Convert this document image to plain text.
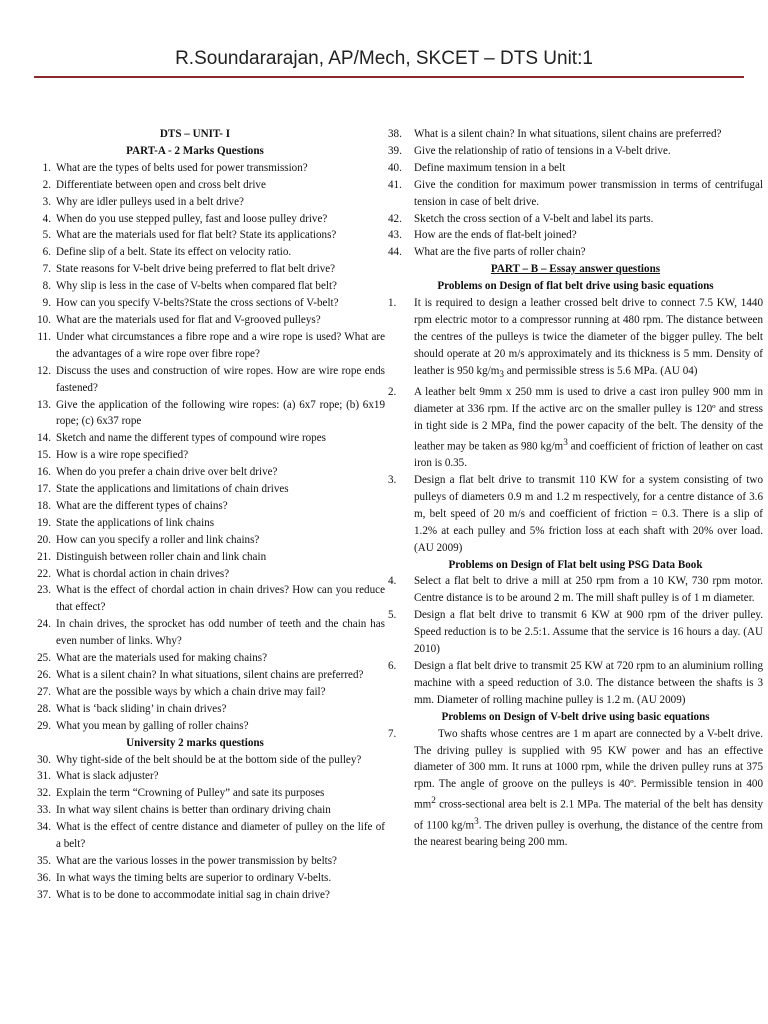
R.Soundararajan, AP/Mech, SKCET – DTS Unit:1
DTS – UNIT- I
PART-A - 2 Marks Questions
1. What are the types of belts used for power transmission?
2. Differentiate between open and cross belt drive
3. Why are idler pulleys used in a belt drive?
4. When do you use stepped pulley, fast and loose pulley drive?
5. What are the materials used for flat belt? State its applications?
6. Define slip of a belt. State its effect on velocity ratio.
7. State reasons for V-belt drive being preferred to flat belt drive?
8. Why slip is less in the case of V-belts when compared flat belt?
9. How can you specify V-belts?State the cross sections of V-belt?
10. What are the materials used for flat and V-grooved pulleys?
11. Under what circumstances a fibre rope and a wire rope is used? What are the advantages of a wire rope over fibre rope?
12. Discuss the uses and construction of wire ropes. How are wire rope ends fastened?
13. Give the application of the following wire ropes: (a) 6x7 rope; (b) 6x19 rope; (c) 6x37 rope
14. Sketch and name the different types of compound wire ropes
15. How is a wire rope specified?
16. When do you prefer a chain drive over belt drive?
17. State the applications and limitations of chain drives
18. What are the different types of chains?
19. State the applications of link chains
20. How can you specify a roller and link chains?
21. Distinguish between roller chain and link chain
22. What is chordal action in chain drives?
23. What is the effect of chordal action in chain drives? How can you reduce that effect?
24. In chain drives, the sprocket has odd number of teeth and the chain has even number of links. Why?
25. What are the materials used for making chains?
26. What is a silent chain? In what situations, silent chains are preferred?
27. What are the possible ways by which a chain drive may fail?
28. What is ‘back sliding’ in chain drives?
29. What you mean by galling of roller chains?
University 2 marks questions
30. Why tight-side of the belt should be at the bottom side of the pulley?
31. What is slack adjuster?
32. Explain the term “Crowning of Pulley” and sate its purposes
33. In what way silent chains is better than ordinary driving chain
34. What is the effect of centre distance and diameter of pulley on the life of a belt?
35. What are the various losses in the power transmission by belts?
36. In what ways the timing belts are superior to ordinary V-belts.
37. What is to be done to accommodate initial sag in chain drive?
38.	What is a silent chain? In what situations, silent chains are preferred?
39.	Give the relationship of ratio of tensions in a V-belt drive.
40.	Define maximum tension in a belt
41.	Give the condition for maximum power transmission in terms of centrifugal tension in case of belt drive.
42.	Sketch the cross section of a V-belt and label its parts.
43.	How are the ends of flat-belt joined?
44.	What are the five parts of roller chain?
PART – B – Essay answer questions
Problems on Design of flat belt drive using basic equations
1.	It is required to design a leather crossed belt drive to connect 7.5 KW, 1440 rpm electric motor to a compressor running at 480 rpm. The distance between the centres of the pulleys is twice the diameter of the bigger pulley. The belt should operate at 20 m/s approximately and its thickness is 5 mm. Density of leather is 950 $kg/m_3$ and permissible stress is 5.6 MPa. (AU 04)
2.	A leather belt 9mm x 250 mm is used to drive a cast iron pulley 900 mm in diameter at 336 rpm. If the active arc on the smaller pulley is 120º and stress in tight side is 2 MPa, find the power capacity of the belt. The density of the leather may be taken as 980 $kg/m^3$ and coefficient of friction of leather on cast iron is 0.35.
3.	Design a flat belt drive to transmit 110 KW for a system consisting of two pulleys of diameters 0.9 m and 1.2 m respectively, for a centre distance of 3.6 m, belt speed of 20 m/s and coefficient of friction = 0.3. There is a slip of 1.2% at each pulley and 5% friction loss at each shaft with 20% over load. (AU 2009)
Problems on Design of Flat belt using PSG Data Book
4.	Select a flat belt to drive a mill at 250 rpm from a 10 KW, 730 rpm motor. Centre distance is to be around 2 m. The mill shaft pulley is of 1 m diameter.
5.	Design a flat belt drive to transmit 6 KW at 900 rpm of the driver pulley. Speed reduction is to be 2.5:1. Assume that the service is 16 hours a day. (AU 2010)
6.	Design a flat belt drive to transmit 25 KW at 720 rpm to an aluminium rolling machine with a speed reduction of 3.0. The distance between the shafts is 3 mm. Diameter of rolling machine pulley is 1.2 m. (AU 2009)
Problems on Design of V-belt drive using basic equations
7.	Two shafts whose centres are 1 m apart are connected by a V-belt drive. The driving pulley is supplied with 95 KW power and has an effective diameter of 300 mm. It runs at 1000 rpm, while the driven pulley runs at 375 rpm. The angle of groove on the pulleys is 40º. Permissible tension in 400 $mm^2$ cross-sectional area belt is 2.1 MPa. The material of the belt has density of 1100 $kg/m^3$. The driven pulley is overhung, the distance of the centre from the nearest bearing being 200 mm.
